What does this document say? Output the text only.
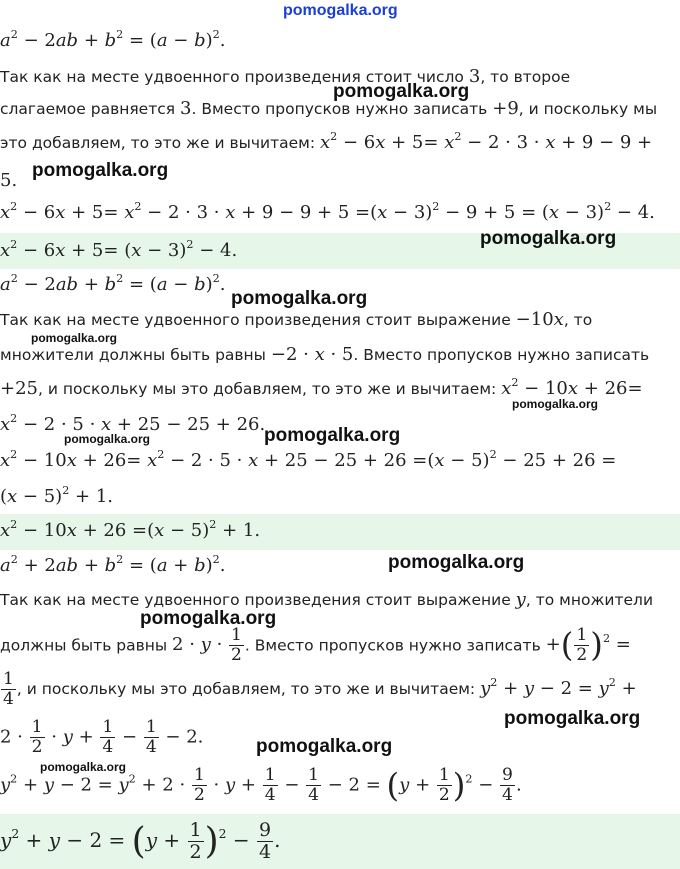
pomogalka.org
$a^2 - 2ab + b^2 = (a - b)^2$.
Так как на месте удвоенного произведения стоит число 3, то второе
слагаемое равняется 3. Вместо пропусков нужно записать +9, и поскольку мы
это добавляем, то это же и вычитаем: $x^2 - 6x + 5= x^2 - 2 \cdot 3 \cdot x + 9 - 9$ +
5.
$x^2 - 6x + 5= x^2 - 2 \cdot 3 \cdot x + 9 - 9 + 5 =(x - 3)^2 - 9 + 5 = (x - 3)^2 - 4$.
$x^2 - 6x + 5= (x - 3)^2 - 4$.
$a^2 - 2ab + b^2 = (a - b)^2$.
Так как на месте удвоенного произведения стоит выражение −10x, то
множители должны быть равны −2 · x · 5. Вместо пропусков нужно записать
+25, и поскольку мы это добавляем, то это же и вычитаем: $x^2 - 10x + 26=$
$x^2 - 2 \cdot 5 \cdot x + 25 - 25 + 26$.
$x^2 - 10x + 26= x^2 - 2 \cdot 5 \cdot x + 25 - 25 + 26 =(x - 5)^2 - 25 + 26$ =
$(x - 5)^2 + 1$.
$x^2 - 10x + 26 =(x - 5)^2 + 1$.
$a^2 + 2ab + b^2 = (a + b)^2$.
Так как на месте удвоенного произведения стоит выражение y, то множители
должны быть равны $2 \cdot y \cdot \frac{1}{2}$ . Вместо пропусков нужно записать +( $\frac{1}{2} )^2$ =
$\frac{1}{4}$ , и поскольку мы это добавляем, то это же и вычитаем: $y^2 + y - 2 = y^2$ +
$2 \cdot \frac{1}{2} \cdot y + \frac{1}{4} - \frac{1}{4} - 2$.
$y^2 + y - 2 = y^2 + 2 \cdot \frac{1}{2} \cdot y + \frac{1}{4} - \frac{1}{4} - 2 = (y + \frac{1}{2} )^2 - \frac{9}{4}$ .
$y^2 + y - 2 = (y + \frac{1}{2} )^2 - \frac{9}{4}$ .
pomogalka.org
pomogalka.org
pomogalka.org
pomogalka.org
pomogalka.org
pomogalka.org
pomogalka.org
pomogalka.org
pomogalka.org
pomogalka.org
pomogalka.org
pomogalka.org
pomogalka.org
